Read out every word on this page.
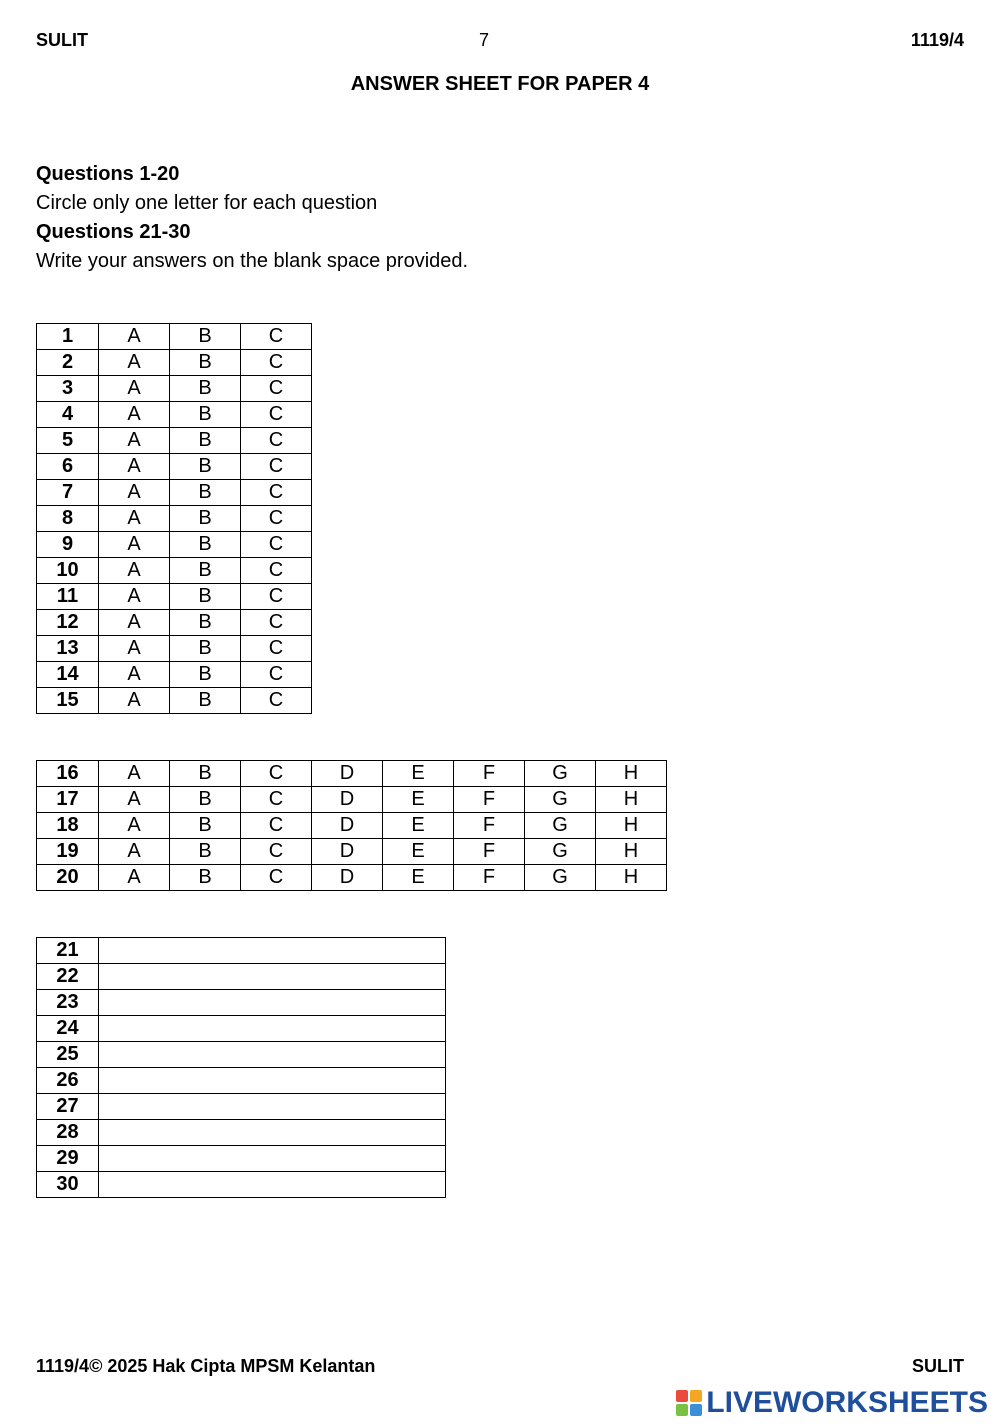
SULIT	7	1119/4
ANSWER SHEET FOR PAPER 4
Questions 1-20
Circle only one letter for each question
Questions 21-30
Write your answers on the blank space provided.
1	A	B	C
2	A	B	C
3	A	B	C
4	A	B	C
5	A	B	C
6	A	B	C
7	A	B	C
8	A	B	C
9	A	B	C
10	A	B	C
11	A	B	C
12	A	B	C
13	A	B	C
14	A	B	C
15	A	B	C
16	A	B	C	D	E	F	G	H
17	A	B	C	D	E	F	G	H
18	A	B	C	D	E	F	G	H
19	A	B	C	D	E	F	G	H
20	A	B	C	D	E	F	G	H
21	
22	
23	
24	
25	
26	
27	
28	
29	
30	
1119/4© 2025 Hak Cipta MPSM Kelantan	SULIT
LIVEWORKSHEETS
